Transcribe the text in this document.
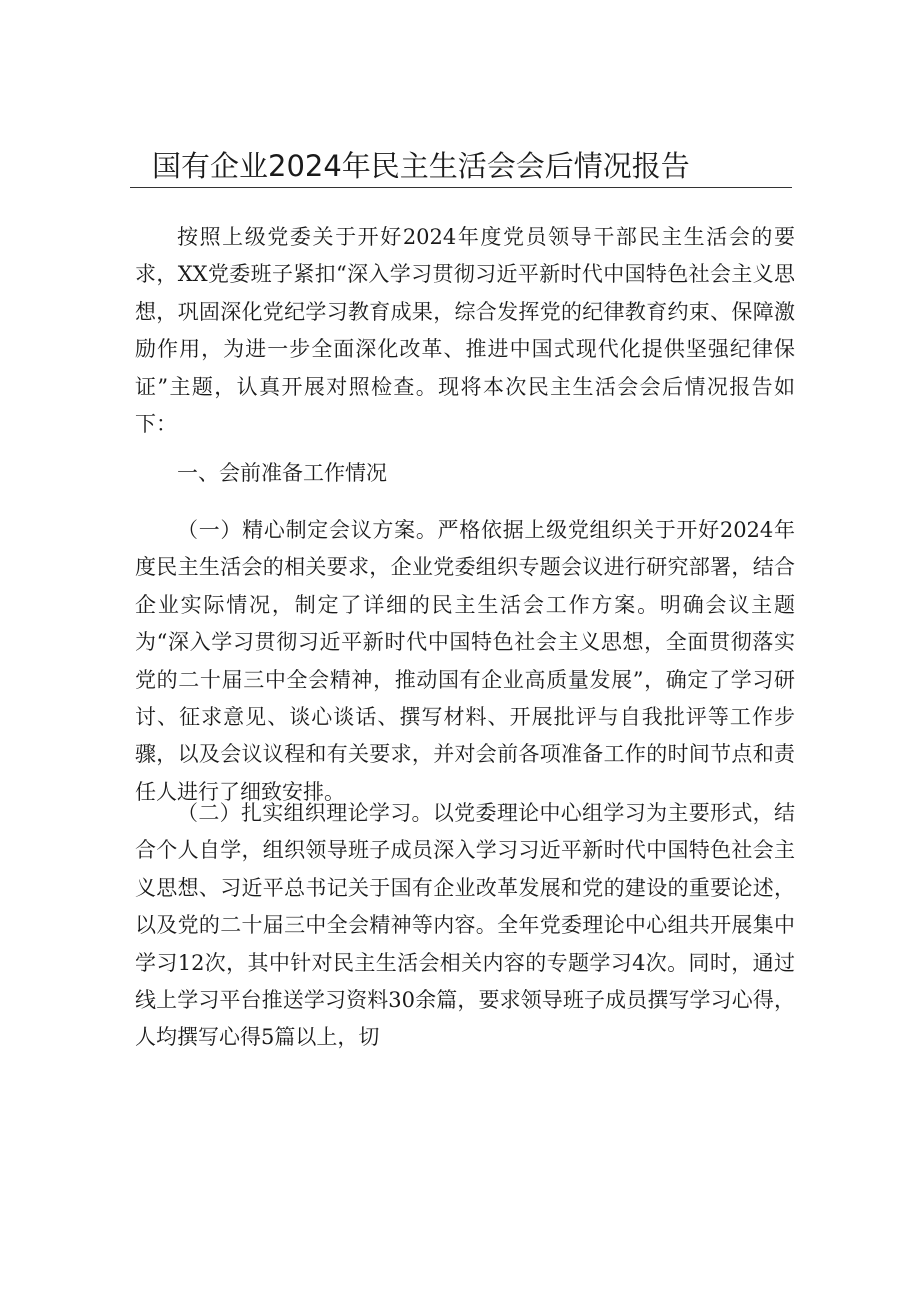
国有企业2024年民主生活会会后情况报告

按照上级党委关于开好2024年度党员领导干部民主生活会的要求，XX党委班子紧扣“深入学习贯彻习近平新时代中国特色社会主义思想，巩固深化党纪学习教育成果，综合发挥党的纪律教育约束、保障激励作用，为进一步全面深化改革、推进中国式现代化提供坚强纪律保证”主题，认真开展对照检查。现将本次民主生活会会后情况报告如下：

一、会前准备工作情况

（一）精心制定会议方案。严格依据上级党组织关于开好2024年度民主生活会的相关要求，企业党委组织专题会议进行研究部署，结合企业实际情况，制定了详细的民主生活会工作方案。明确会议主题为“深入学习贯彻习近平新时代中国特色社会主义思想，全面贯彻落实党的二十届三中全会精神，推动国有企业高质量发展”，确定了学习研讨、征求意见、谈心谈话、撰写材料、开展批评与自我批评等工作步骤，以及会议议程和有关要求，并对会前各项准备工作的时间节点和责任人进行了细致安排。

（二）扎实组织理论学习。以党委理论中心组学习为主要形式，结合个人自学，组织领导班子成员深入学习习近平新时代中国特色社会主义思想、习近平总书记关于国有企业改革发展和党的建设的重要论述，以及党的二十届三中全会精神等内容。全年党委理论中心组共开展集中学习12次，其中针对民主生活会相关内容的专题学习4次。同时，通过线上学习平台推送学习资料30余篇，要求领导班子成员撰写学习心得，人均撰写心得5篇以上，切
